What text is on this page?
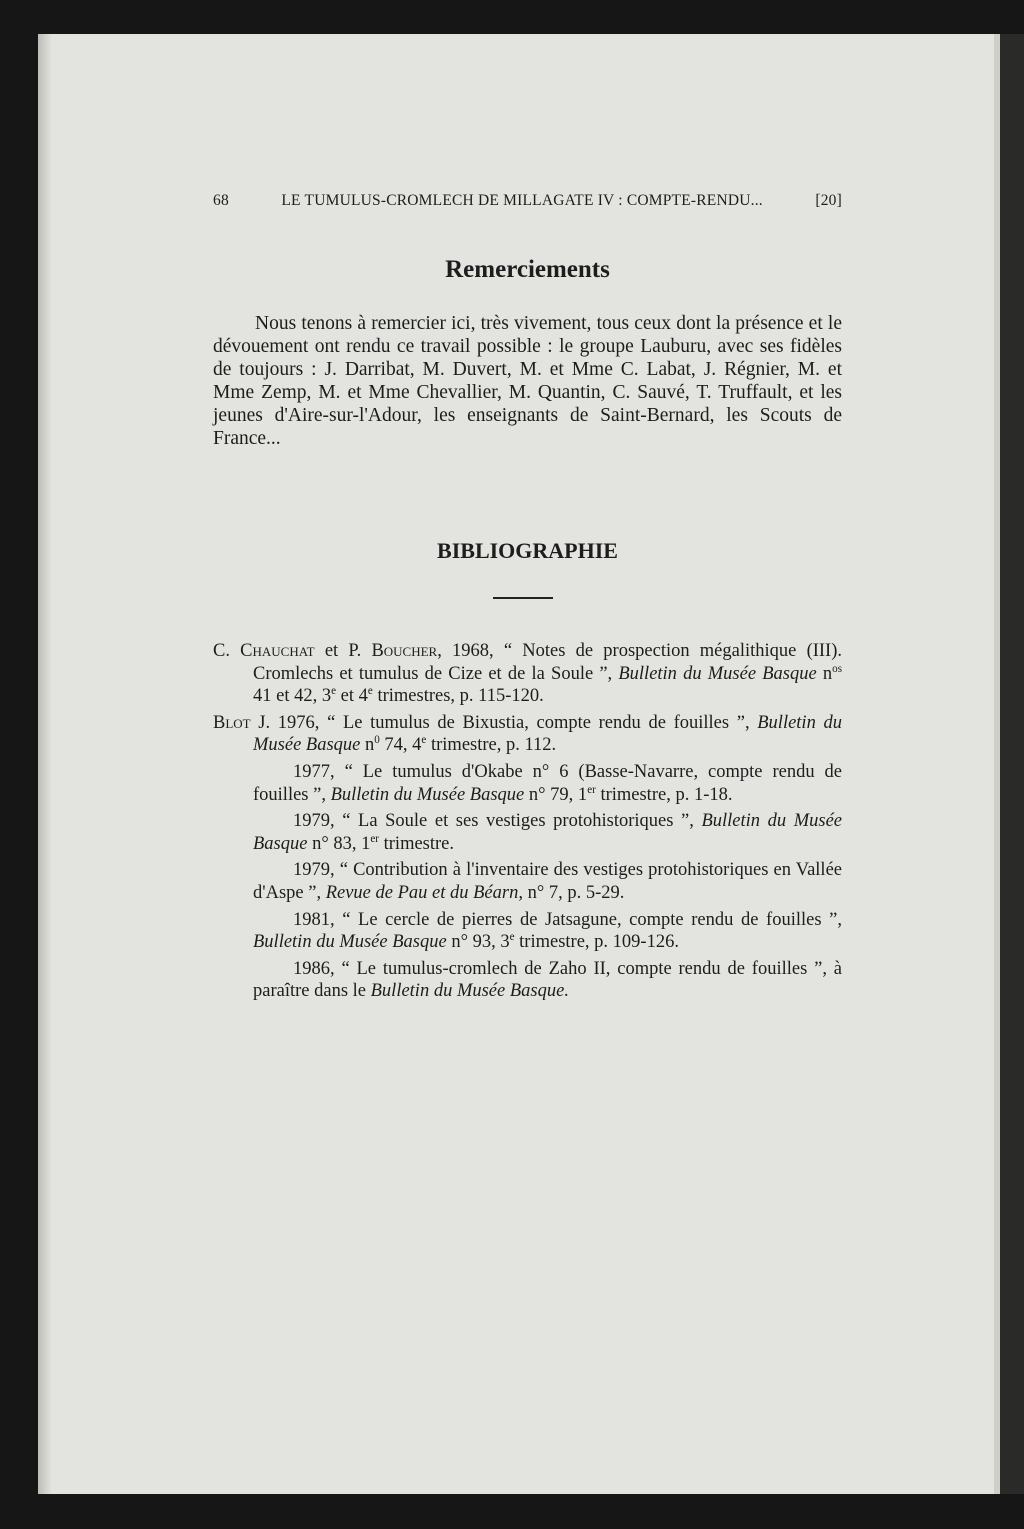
68	LE TUMULUS-CROMLECH DE MILLAGATE IV : COMPTE-RENDU...	[20]
Remerciements
Nous tenons à remercier ici, très vivement, tous ceux dont la présence et le dévouement ont rendu ce travail possible : le groupe Lauburu, avec ses fidèles de toujours : J. Darribat, M. Duvert, M. et Mme C. Labat, J. Régnier, M. et Mme Zemp, M. et Mme Chevallier, M. Quantin, C. Sauvé, T. Truffault, et les jeunes d'Aire-sur-l'Adour, les enseignants de Saint-Bernard, les Scouts de France...
BIBLIOGRAPHIE
C. Chauchat et P. Boucher, 1968, “ Notes de prospection mégalithique (III). Cromlechs et tumulus de Cize et de la Soule ”, Bulletin du Musée Basque $n^{os}$ 41 et 42, 3e et 4e trimestres, p. 115-120.
Blot J. 1976, “ Le tumulus de Bixustia, compte rendu de fouilles ”, Bulletin du Musée Basque $n^0$ 74, 4e trimestre, p. 112.
1977, “ Le tumulus d'Okabe n° 6 (Basse-Navarre, compte rendu de fouilles ”, Bulletin du Musée Basque n° 79, 1er trimestre, p. 1-18.
1979, “ La Soule et ses vestiges protohistoriques ”, Bulletin du Musée Basque n° 83, 1er trimestre.
1979, “ Contribution à l'inventaire des vestiges protohistoriques en Vallée d'Aspe ”, Revue de Pau et du Béarn, n° 7, p. 5-29.
1981, “ Le cercle de pierres de Jatsagune, compte rendu de fouilles ”, Bulletin du Musée Basque n° 93, 3e trimestre, p. 109-126.
1986, “ Le tumulus-cromlech de Zaho II, compte rendu de fouilles ”, à paraître dans le Bulletin du Musée Basque.
